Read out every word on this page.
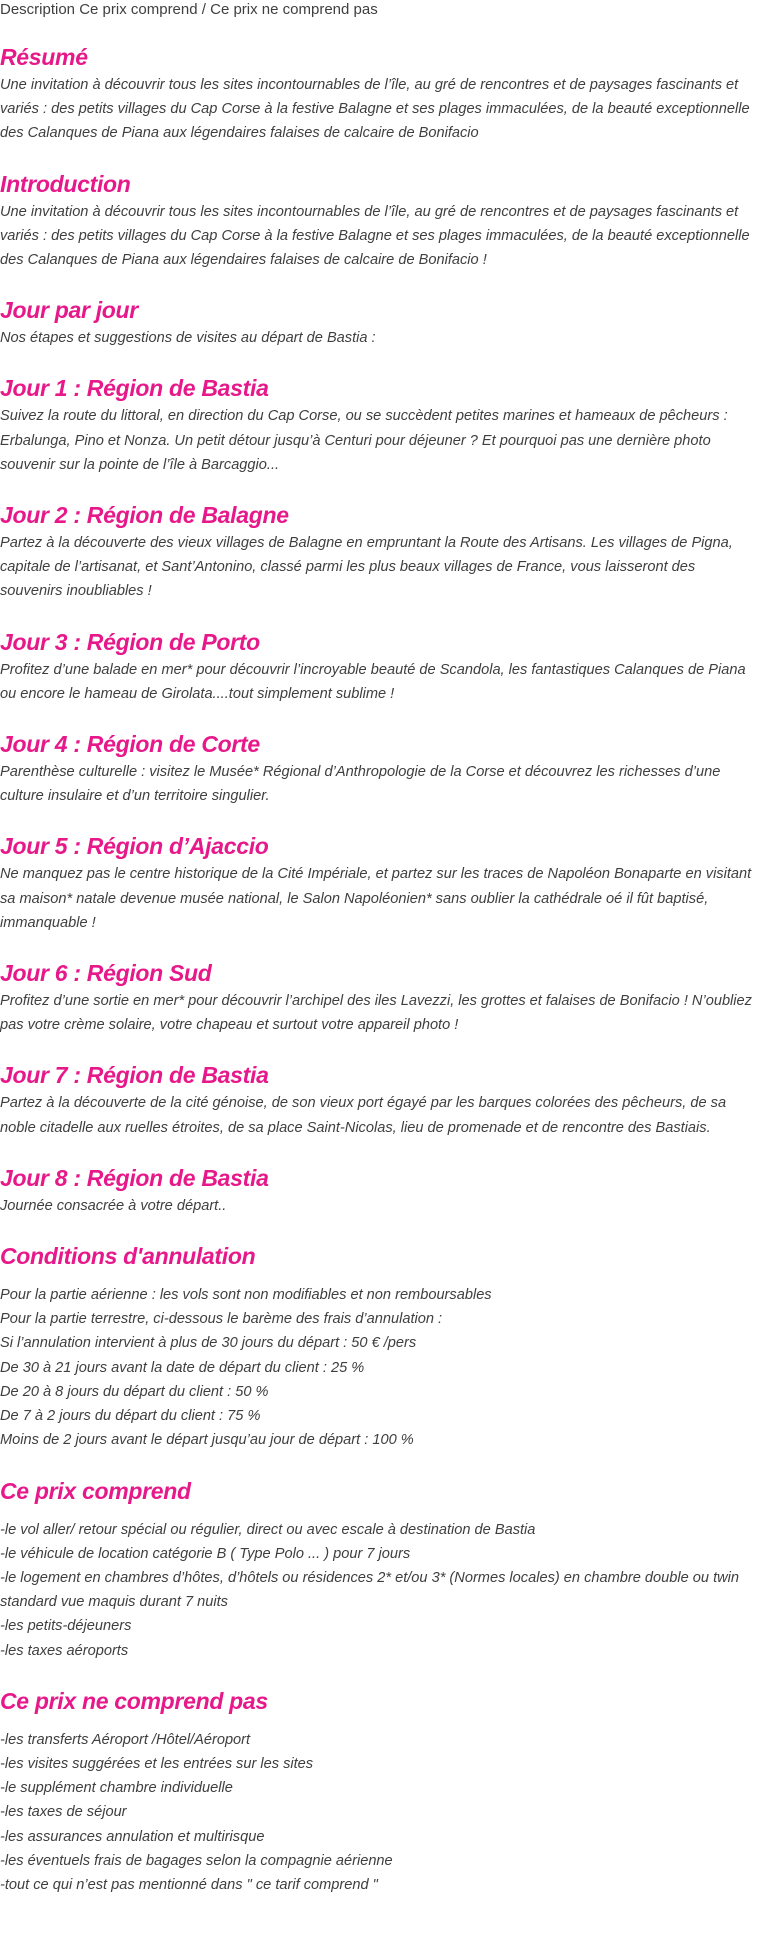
Description Ce prix comprend / Ce prix ne comprend pas
Résumé

Une invitation à découvrir tous les sites incontournables de l’île, au gré de rencontres et de paysages fascinants et variés : des petits villages du Cap Corse à la festive Balagne et ses plages immaculées, de la beauté exceptionnelle des Calanques de Piana aux légendaires falaises de calcaire de Bonifacio

Introduction

Une invitation à découvrir tous les sites incontournables de l’île, au gré de rencontres et de paysages fascinants et variés : des petits villages du Cap Corse à la festive Balagne et ses plages immaculées, de la beauté exceptionnelle des Calanques de Piana aux légendaires falaises de calcaire de Bonifacio !

Jour par jour

Nos étapes et suggestions de visites au départ de Bastia :

Jour 1 : Région de Bastia

Suivez la route du littoral, en direction du Cap Corse, ou se succèdent petites marines et hameaux de pêcheurs : Erbalunga, Pino et Nonza. Un petit détour jusqu’à Centuri pour déjeuner ? Et pourquoi pas une dernière photo souvenir sur la pointe de l’île à Barcaggio...

Jour 2 : Région de Balagne

Partez à la découverte des vieux villages de Balagne en empruntant la Route des Artisans. Les villages de Pigna, capitale de l’artisanat, et Sant’Antonino, classé parmi les plus beaux villages de France, vous laisseront des souvenirs inoubliables !

Jour 3 : Région de Porto

Profitez d’une balade en mer* pour découvrir l’incroyable beauté de Scandola, les fantastiques Calanques de Piana ou encore le hameau de Girolata....tout simplement sublime !

Jour 4 : Région de Corte

Parenthèse culturelle : visitez le Musée* Régional d’Anthropologie de la Corse et découvrez les richesses d’une culture insulaire et d’un territoire singulier.

Jour 5 : Région d’Ajaccio

Ne manquez pas le centre historique de la Cité Impériale, et partez sur les traces de Napoléon Bonaparte en visitant sa maison* natale devenue musée national, le Salon Napoléonien* sans oublier la cathédrale oé il fût baptisé, immanquable !

Jour 6 : Région Sud

Profitez d’une sortie en mer* pour découvrir l’archipel des iles Lavezzi, les grottes et falaises de Bonifacio ! N’oubliez pas votre crème solaire, votre chapeau et surtout votre appareil photo !

Jour 7 : Région de Bastia

Partez à la découverte de la cité génoise, de son vieux port égayé par les barques colorées des pêcheurs, de sa noble citadelle aux ruelles étroites, de sa place Saint-Nicolas, lieu de promenade et de rencontre des Bastiais.

Jour 8 : Région de Bastia

Journée consacrée à votre départ..

Conditions d'annulation
Pour la partie aérienne : les vols sont non modifiables et non remboursables
Pour la partie terrestre, ci-dessous le barème des frais d’annulation :
Si l’annulation intervient à plus de 30 jours du départ : 50 € /pers
De 30 à 21 jours avant la date de départ du client : 25 %
De 20 à 8 jours du départ du client : 50 %
De 7 à 2 jours du départ du client : 75 %
Moins de 2 jours avant le départ jusqu’au jour de départ : 100 %
Ce prix comprend
-le vol aller/ retour spécial ou régulier, direct ou avec escale à destination de Bastia
-le véhicule de location catégorie B ( Type Polo ... ) pour 7 jours
-le logement en chambres d’hôtes, d’hôtels ou résidences 2* et/ou 3* (Normes locales) en chambre double ou twin standard vue maquis durant 7 nuits
-les petits-déjeuners
-les taxes aéroports
Ce prix ne comprend pas
-les transferts Aéroport /Hôtel/Aéroport
-les visites suggérées et les entrées sur les sites
-le supplément chambre individuelle
-les taxes de séjour
-les assurances annulation et multirisque
-les éventuels frais de bagages selon la compagnie aérienne
-tout ce qui n’est pas mentionné dans " ce tarif comprend "
